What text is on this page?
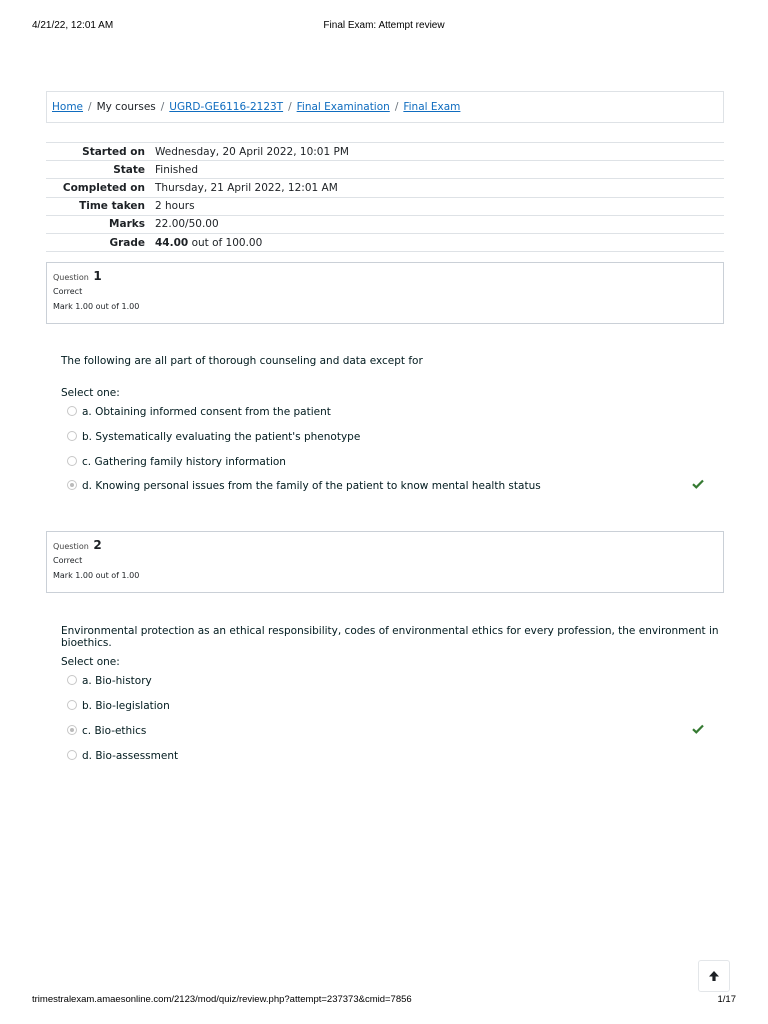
4/21/22, 12:01 AM	Final Exam: Attempt review
Home / My courses / UGRD-GE6116-2123T / Final Examination / Final Exam
Started on	Wednesday, 20 April 2022, 10:01 PM
State	Finished
Completed on	Thursday, 21 April 2022, 12:01 AM
Time taken	2 hours
Marks	22.00/50.00
Grade	44.00 out of 100.00
Question 1
Correct
Mark 1.00 out of 1.00
The following are all part of thorough counseling and data except for
Select one:
a. Obtaining informed consent from the patient
b. Systematically evaluating the patient's phenotype
c. Gathering family history information
d. Knowing personal issues from the family of the patient to know mental health status
Question 2
Correct
Mark 1.00 out of 1.00
Environmental protection as an ethical responsibility, codes of environmental ethics for every profession, the environment in bioethics.
Select one:
a. Bio-history
b. Bio-legislation
c. Bio-ethics
d. Bio-assessment
trimestralexam.amaesonline.com/2123/mod/quiz/review.php?attempt=237373&cmid=7856	1/17
